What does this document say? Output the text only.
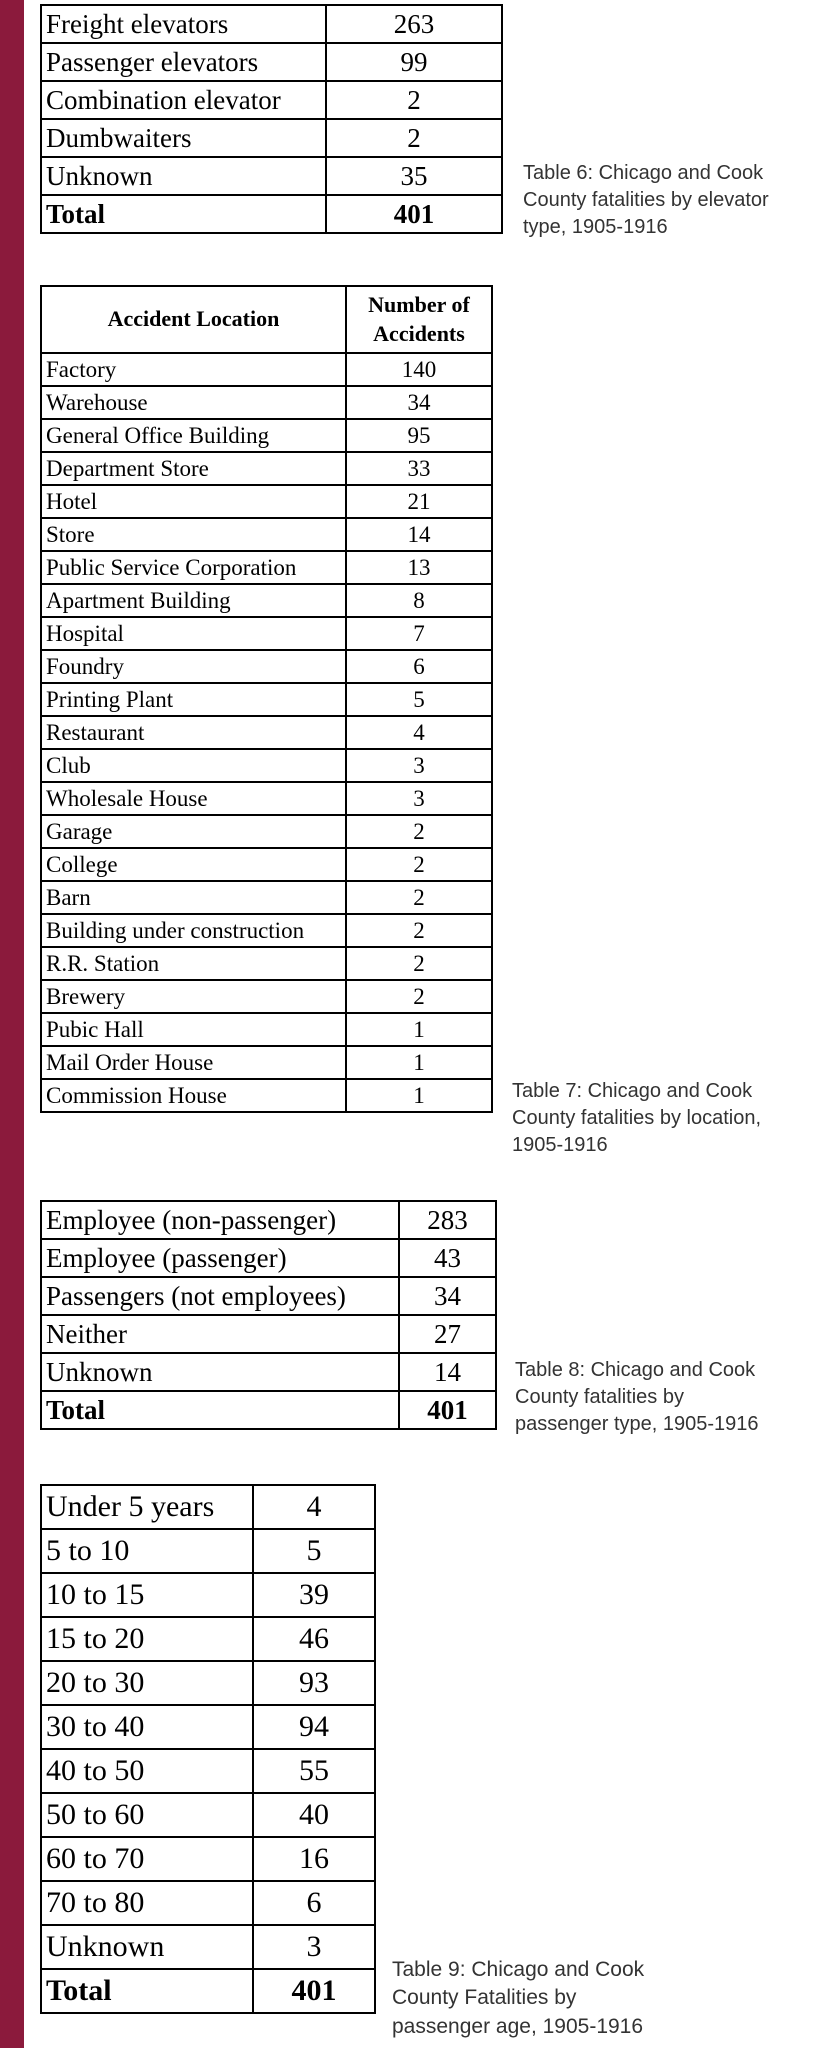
Freight elevators	263
Passenger elevators	99
Combination elevator	2
Dumbwaiters	2
Unknown	35
Total	401
Table 6: Chicago and Cook
County fatalities by elevator
type, 1905-1916
Accident Location	Number of
Accidents
Factory	140
Warehouse	34
General Office Building	95
Department Store	33
Hotel	21
Store	14
Public Service Corporation	13
Apartment Building	8
Hospital	7
Foundry	6
Printing Plant	5
Restaurant	4
Club	3
Wholesale House	3
Garage	2
College	2
Barn	2
Building under construction	2
R.R. Station	2
Brewery	2
Pubic Hall	1
Mail Order House	1
Commission House	1	Table 7: Chicago and Cook
County fatalities by location,
1905-1916
Employee (non-passenger)	283
Employee (passenger)	43
Passengers (not employees)	34
Neither	27
Unknown	14
Total	401
Table 8: Chicago and Cook
County fatalities by
passenger type, 1905-1916
Under 5 years	4
5 to 10	5
10 to 15	39
15 to 20	46
20 to 30	93
30 to 40	94
40 to 50	55
50 to 60	40
60 to 70	16
70 to 80	6
Unknown	3
Total	401
Table 9: Chicago and Cook
County Fatalities by
passenger age, 1905-1916
